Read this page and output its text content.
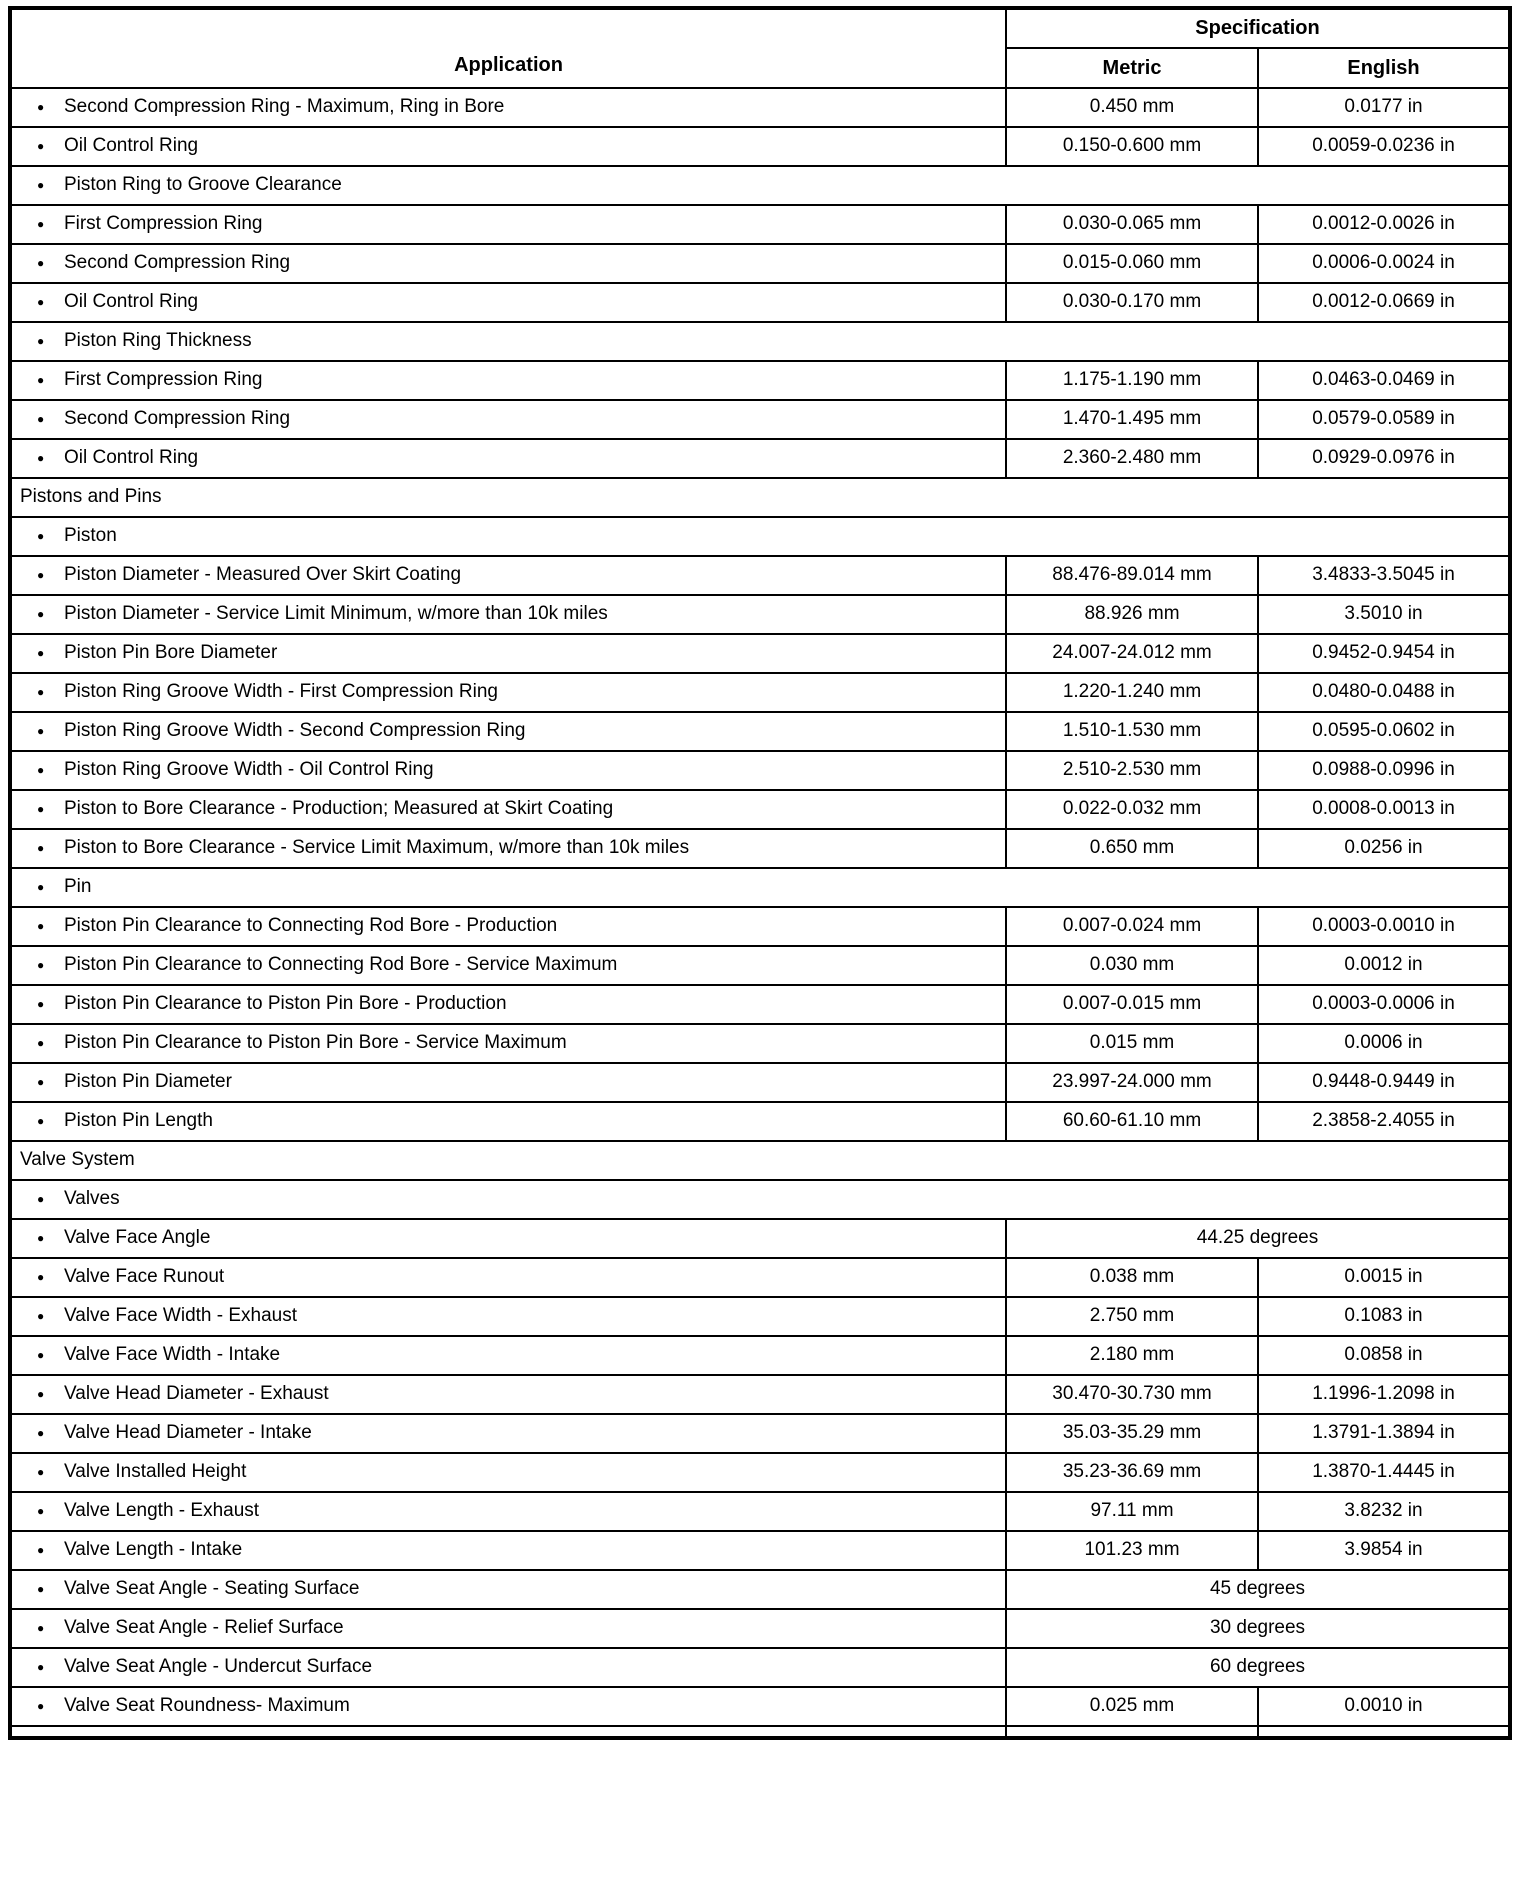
Application	Specification	
	Metric	English
● Second Compression Ring - Maximum, Ring in Bore	0.450 mm	0.0177 in
● Oil Control Ring	0.150-0.600 mm	0.0059-0.0236 in
● Piston Ring to Groove Clearance		
● First Compression Ring	0.030-0.065 mm	0.0012-0.0026 in
● Second Compression Ring	0.015-0.060 mm	0.0006-0.0024 in
● Oil Control Ring	0.030-0.170 mm	0.0012-0.0669 in
● Piston Ring Thickness		
● First Compression Ring	1.175-1.190 mm	0.0463-0.0469 in
● Second Compression Ring	1.470-1.495 mm	0.0579-0.0589 in
● Oil Control Ring	2.360-2.480 mm	0.0929-0.0976 in
Pistons and Pins		
● Piston		
● Piston Diameter - Measured Over Skirt Coating	88.476-89.014 mm	3.4833-3.5045 in
● Piston Diameter - Service Limit Minimum, w/more than 10k miles	88.926 mm	3.5010 in
● Piston Pin Bore Diameter	24.007-24.012 mm	0.9452-0.9454 in
● Piston Ring Groove Width - First Compression Ring	1.220-1.240 mm	0.0480-0.0488 in
● Piston Ring Groove Width - Second Compression Ring	1.510-1.530 mm	0.0595-0.0602 in
● Piston Ring Groove Width - Oil Control Ring	2.510-2.530 mm	0.0988-0.0996 in
● Piston to Bore Clearance - Production; Measured at Skirt Coating	0.022-0.032 mm	0.0008-0.0013 in
● Piston to Bore Clearance - Service Limit Maximum, w/more than 10k miles	0.650 mm	0.0256 in
● Pin		
● Piston Pin Clearance to Connecting Rod Bore - Production	0.007-0.024 mm	0.0003-0.0010 in
● Piston Pin Clearance to Connecting Rod Bore - Service Maximum	0.030 mm	0.0012 in
● Piston Pin Clearance to Piston Pin Bore - Production	0.007-0.015 mm	0.0003-0.0006 in
● Piston Pin Clearance to Piston Pin Bore - Service Maximum	0.015 mm	0.0006 in
● Piston Pin Diameter	23.997-24.000 mm	0.9448-0.9449 in
● Piston Pin Length	60.60-61.10 mm	2.3858-2.4055 in
Valve System		
● Valves		
● Valve Face Angle	44.25 degrees	
● Valve Face Runout	0.038 mm	0.0015 in
● Valve Face Width - Exhaust	2.750 mm	0.1083 in
● Valve Face Width - Intake	2.180 mm	0.0858 in
● Valve Head Diameter - Exhaust	30.470-30.730 mm	1.1996-1.2098 in
● Valve Head Diameter - Intake	35.03-35.29 mm	1.3791-1.3894 in
● Valve Installed Height	35.23-36.69 mm	1.3870-1.4445 in
● Valve Length - Exhaust	97.11 mm	3.8232 in
● Valve Length - Intake	101.23 mm	3.9854 in
● Valve Seat Angle - Seating Surface	45 degrees	
● Valve Seat Angle - Relief Surface	30 degrees	
● Valve Seat Angle - Undercut Surface	60 degrees	
● Valve Seat Roundness- Maximum	0.025 mm	0.0010 in
